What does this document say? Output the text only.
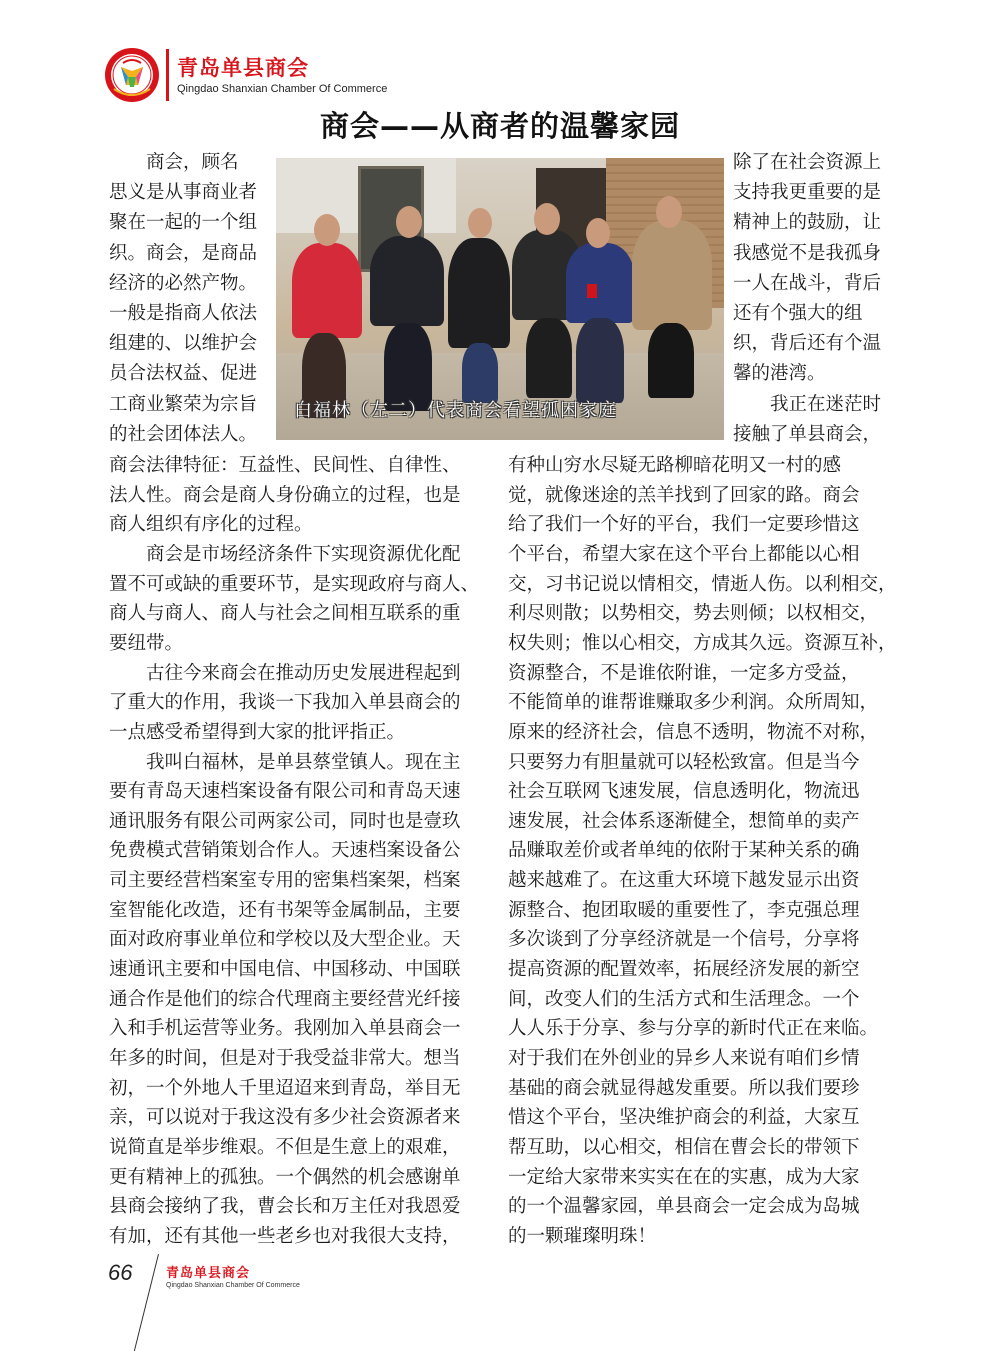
青岛单县商会
Qingdao Shanxian Chamber Of Commerce
商会——从商者的温馨家园
白福林（左二）代表商会看望孤困家庭
　　商会，顾名
思义是从事商业者
聚在一起的一个组
织。商会，是商品
经济的必然产物。
一般是指商人依法
组建的、以维护会
员合法权益、促进
工商业繁荣为宗旨
的社会团体法人。
除了在社会资源上
支持我更重要的是
精神上的鼓励，让
我感觉不是我孤身
一人在战斗，背后
还有个强大的组
织，背后还有个温
馨的港湾。
　　我正在迷茫时
接触了单县商会，
商会法律特征：互益性、民间性、自律性、
法人性。商会是商人身份确立的过程，也是
商人组织有序化的过程。
　　商会是市场经济条件下实现资源优化配
置不可或缺的重要环节，是实现政府与商人、
商人与商人、商人与社会之间相互联系的重
要纽带。
　　古往今来商会在推动历史发展进程起到
了重大的作用，我谈一下我加入单县商会的
一点感受希望得到大家的批评指正。
　　我叫白福林，是单县蔡堂镇人。现在主
要有青岛天速档案设备有限公司和青岛天速
通讯服务有限公司两家公司，同时也是壹玖
免费模式营销策划合作人。天速档案设备公
司主要经营档案室专用的密集档案架，档案
室智能化改造，还有书架等金属制品，主要
面对政府事业单位和学校以及大型企业。天
速通讯主要和中国电信、中国移动、中国联
通合作是他们的综合代理商主要经营光纤接
入和手机运营等业务。我刚加入单县商会一
年多的时间，但是对于我受益非常大。想当
初，一个外地人千里迢迢来到青岛，举目无
亲，可以说对于我这没有多少社会资源者来
说简直是举步维艰。不但是生意上的艰难，
更有精神上的孤独。一个偶然的机会感谢单
县商会接纳了我，曹会长和万主任对我恩爱
有加，还有其他一些老乡也对我很大支持，
有种山穷水尽疑无路柳暗花明又一村的感
觉，就像迷途的羔羊找到了回家的路。商会
给了我们一个好的平台，我们一定要珍惜这
个平台，希望大家在这个平台上都能以心相
交，习书记说以情相交，情逝人伤。以利相交，
利尽则散；以势相交，势去则倾；以权相交，
权失则；惟以心相交，方成其久远。资源互补，
资源整合，不是谁依附谁，一定多方受益，
不能简单的谁帮谁赚取多少利润。众所周知，
原来的经济社会，信息不透明，物流不对称，
只要努力有胆量就可以轻松致富。但是当今
社会互联网飞速发展，信息透明化，物流迅
速发展，社会体系逐渐健全，想简单的卖产
品赚取差价或者单纯的依附于某种关系的确
越来越难了。在这重大环境下越发显示出资
源整合、抱团取暖的重要性了，李克强总理
多次谈到了分享经济就是一个信号，分享将
提高资源的配置效率，拓展经济发展的新空
间，改变人们的生活方式和生活理念。一个
人人乐于分享、参与分享的新时代正在来临。
对于我们在外创业的异乡人来说有咱们乡情
基础的商会就显得越发重要。所以我们要珍
惜这个平台，坚决维护商会的利益，大家互
帮互助，以心相交，相信在曹会长的带领下
一定给大家带来实实在在的实惠，成为大家
的一个温馨家园，单县商会一定会成为岛城
的一颗璀璨明珠！
66	青岛单县商会
Qingdao Shanxian Chamber Of Commerce
